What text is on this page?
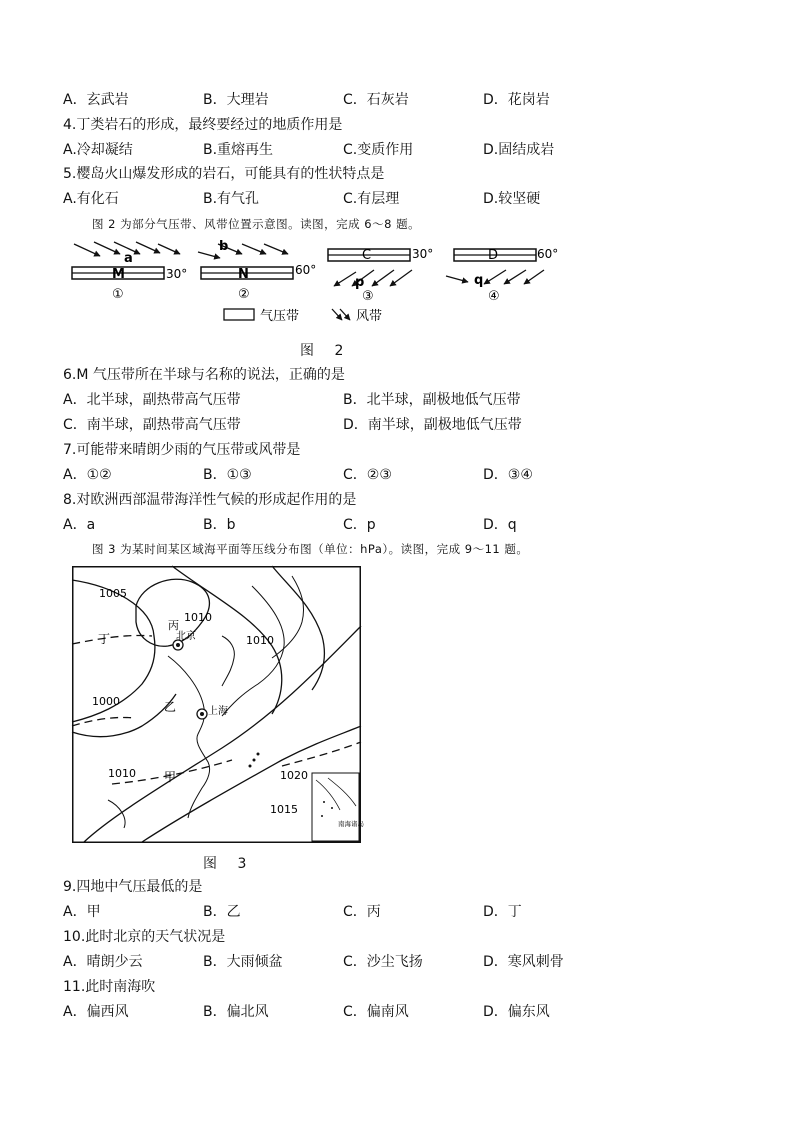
A．玄武岩	B．大理岩	C．石灰岩	D．花岗岩
4.丁类岩石的形成，最终要经过的地质作用是
A.冷却凝结	B.重熔再生	C.变质作用	D.固结成岩
5.樱岛火山爆发形成的岩石，可能具有的性状特点是
A.有化石	B.有气孔	C.有层理	D.较坚硬
图 2 为部分气压带、风带位置示意图。读图，完成 6～8 题。
a
M	30°
①
b
N	60°
②
C	30°
p
③
D	60°
q
④
气压带	风带
图 2
6.M 气压带所在半球与名称的说法，正确的是
A．北半球，副热带高气压带	B．北半球，副极地低气压带
C．南半球，副热带高气压带	D．南半球，副极地低气压带
7.可能带来晴朗少雨的气压带或风带是
A．①②	B．①③	C．②③	D．③④
8.对欧洲西部温带海洋性气候的形成起作用的是
A．a	B．b	C．p	D．q
图 3 为某时间某区域海平面等压线分布图（单位：hPa）。读图，完成 9～11 题。
1005
1010
1010
1000
1010	1020
1015
丙
北京
丁
乙	上海
甲
南海诸岛
图 3
9.四地中气压最低的是
A．甲	B．乙	C．丙	D．丁
10.此时北京的天气状况是
A．晴朗少云	B．大雨倾盆	C．沙尘飞扬	D．寒风刺骨
11.此时南海吹
A．偏西风	B．偏北风	C．偏南风	D．偏东风
